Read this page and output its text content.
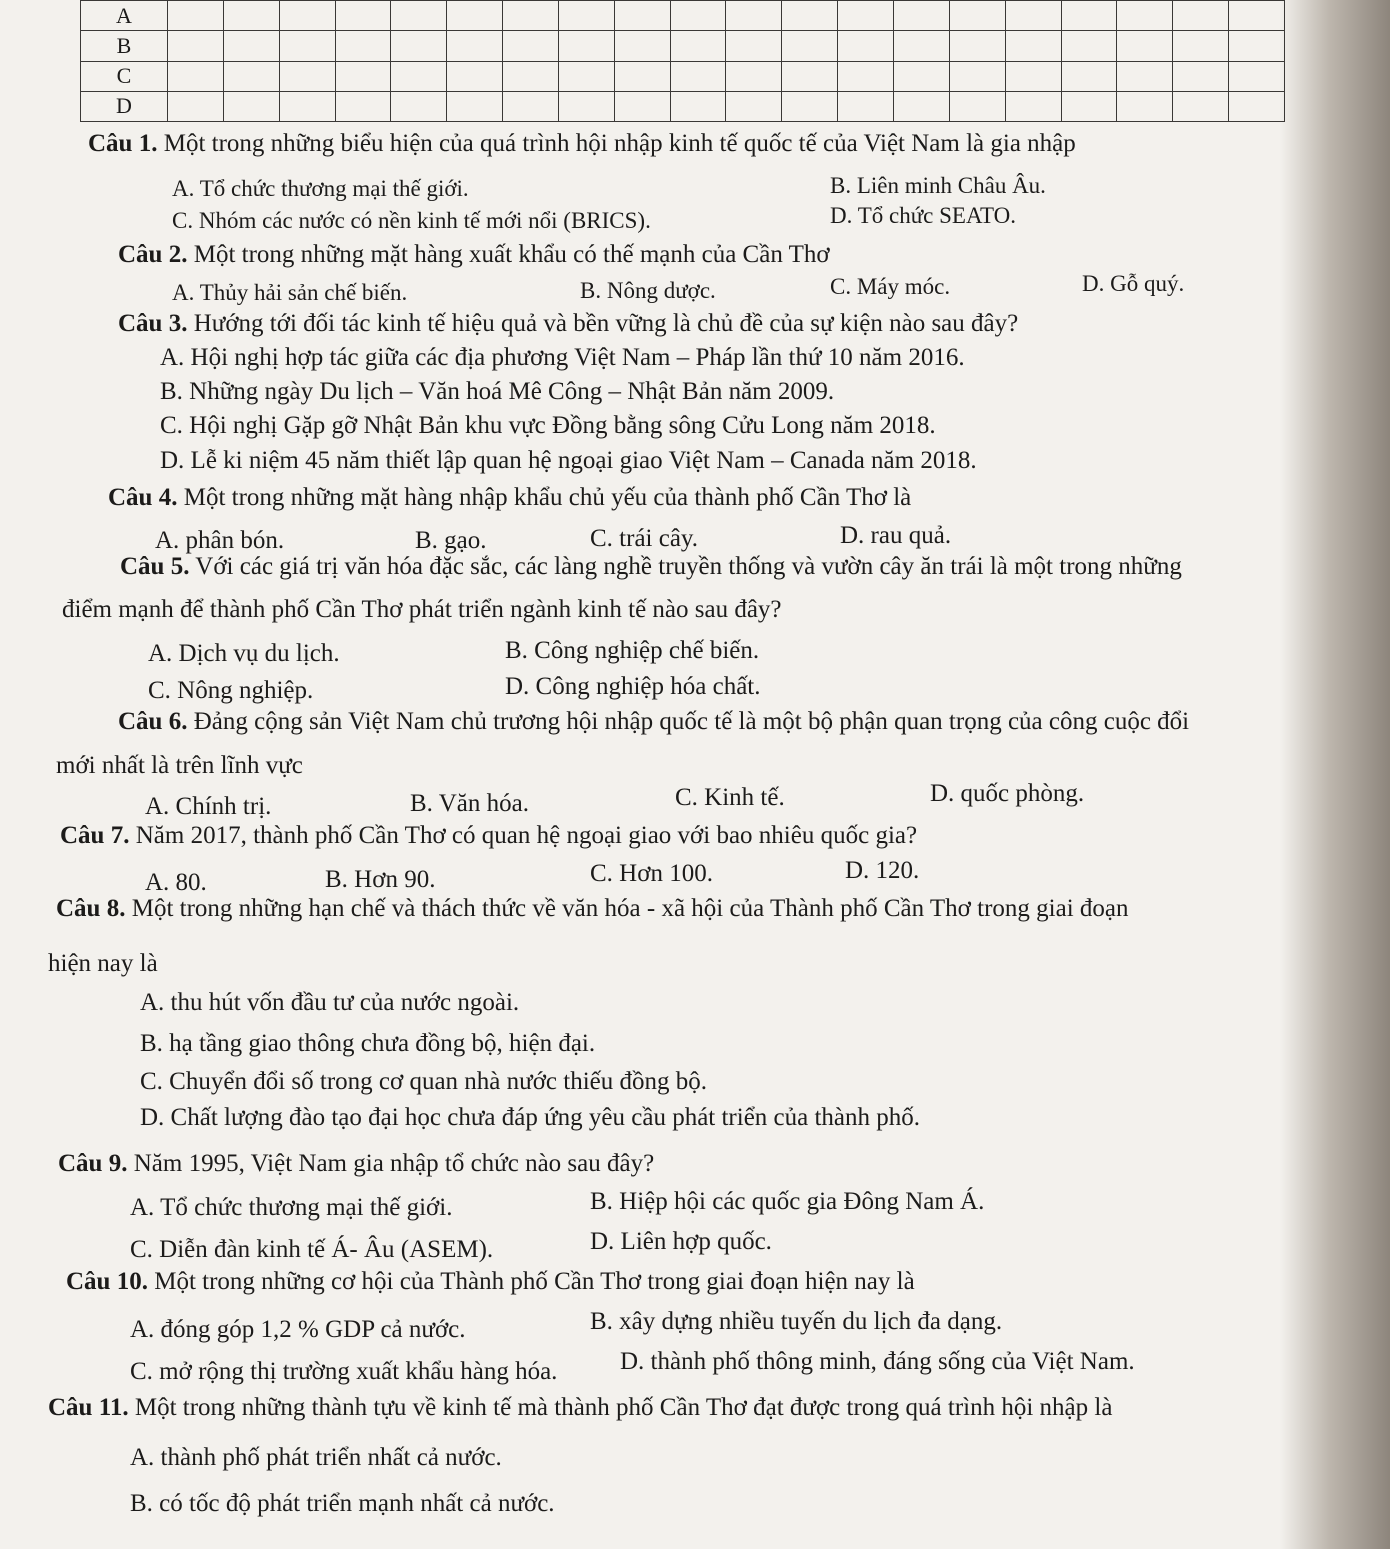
A																				
B																				
C																				
D																				
Câu 1. Một trong những biểu hiện của quá trình hội nhập kinh tế quốc tế của Việt Nam là gia nhập
A. Tổ chức thương mại thế giới.	B. Liên minh Châu Âu.
C. Nhóm các nước có nền kinh tế mới nổi (BRICS).	D. Tổ chức SEATO.
Câu 2. Một trong những mặt hàng xuất khẩu có thế mạnh của Cần Thơ
A. Thủy hải sản chế biến.	B. Nông dược.	C. Máy móc.	D. Gỗ quý.
Câu 3. Hướng tới đối tác kinh tế hiệu quả và bền vững là chủ đề của sự kiện nào sau đây?
A. Hội nghị hợp tác giữa các địa phương Việt Nam – Pháp lần thứ 10 năm 2016.
B. Những ngày Du lịch – Văn hoá Mê Công – Nhật Bản năm 2009.
C. Hội nghị Gặp gỡ Nhật Bản khu vực Đồng bằng sông Cửu Long năm 2018.
D. Lễ ki niệm 45 năm thiết lập quan hệ ngoại giao Việt Nam – Canada năm 2018.
Câu 4. Một trong những mặt hàng nhập khẩu chủ yếu của thành phố Cần Thơ là
A. phân bón.	B. gạo.	C. trái cây.	D. rau quả.
Câu 5. Với các giá trị văn hóa đặc sắc, các làng nghề truyền thống và vườn cây ăn trái là một trong những
điểm mạnh để thành phố Cần Thơ phát triển ngành kinh tế nào sau đây?
A. Dịch vụ du lịch.	B. Công nghiệp chế biến.
C. Nông nghiệp.	D. Công nghiệp hóa chất.
Câu 6. Đảng cộng sản Việt Nam chủ trương hội nhập quốc tế là một bộ phận quan trọng của công cuộc đổi
mới nhất là trên lĩnh vực
A. Chính trị.	B. Văn hóa.	C. Kinh tế.	D. quốc phòng.
Câu 7. Năm 2017, thành phố Cần Thơ có quan hệ ngoại giao với bao nhiêu quốc gia?
A. 80.	B. Hơn 90.	C. Hơn 100.	D. 120.
Câu 8. Một trong những hạn chế và thách thức về văn hóa - xã hội của Thành phố Cần Thơ trong giai đoạn
hiện nay là
A. thu hút vốn đầu tư của nước ngoài.
B. hạ tầng giao thông chưa đồng bộ, hiện đại.
C. Chuyển đổi số trong cơ quan nhà nước thiếu đồng bộ.
D. Chất lượng đào tạo đại học chưa đáp ứng yêu cầu phát triển của thành phố.
Câu 9. Năm 1995, Việt Nam gia nhập tổ chức nào sau đây?
A. Tổ chức thương mại thế giới.	B. Hiệp hội các quốc gia Đông Nam Á.
C. Diễn đàn kinh tế Á- Âu (ASEM).	D. Liên hợp quốc.
Câu 10. Một trong những cơ hội của Thành phố Cần Thơ trong giai đoạn hiện nay là
A. đóng góp 1,2 % GDP cả nước.	B. xây dựng nhiều tuyến du lịch đa dạng.
C. mở rộng thị trường xuất khẩu hàng hóa.	D. thành phố thông minh, đáng sống của Việt Nam.
Câu 11. Một trong những thành tựu về kinh tế mà thành phố Cần Thơ đạt được trong quá trình hội nhập là
A. thành phố phát triển nhất cả nước.
B. có tốc độ phát triển mạnh nhất cả nước.
